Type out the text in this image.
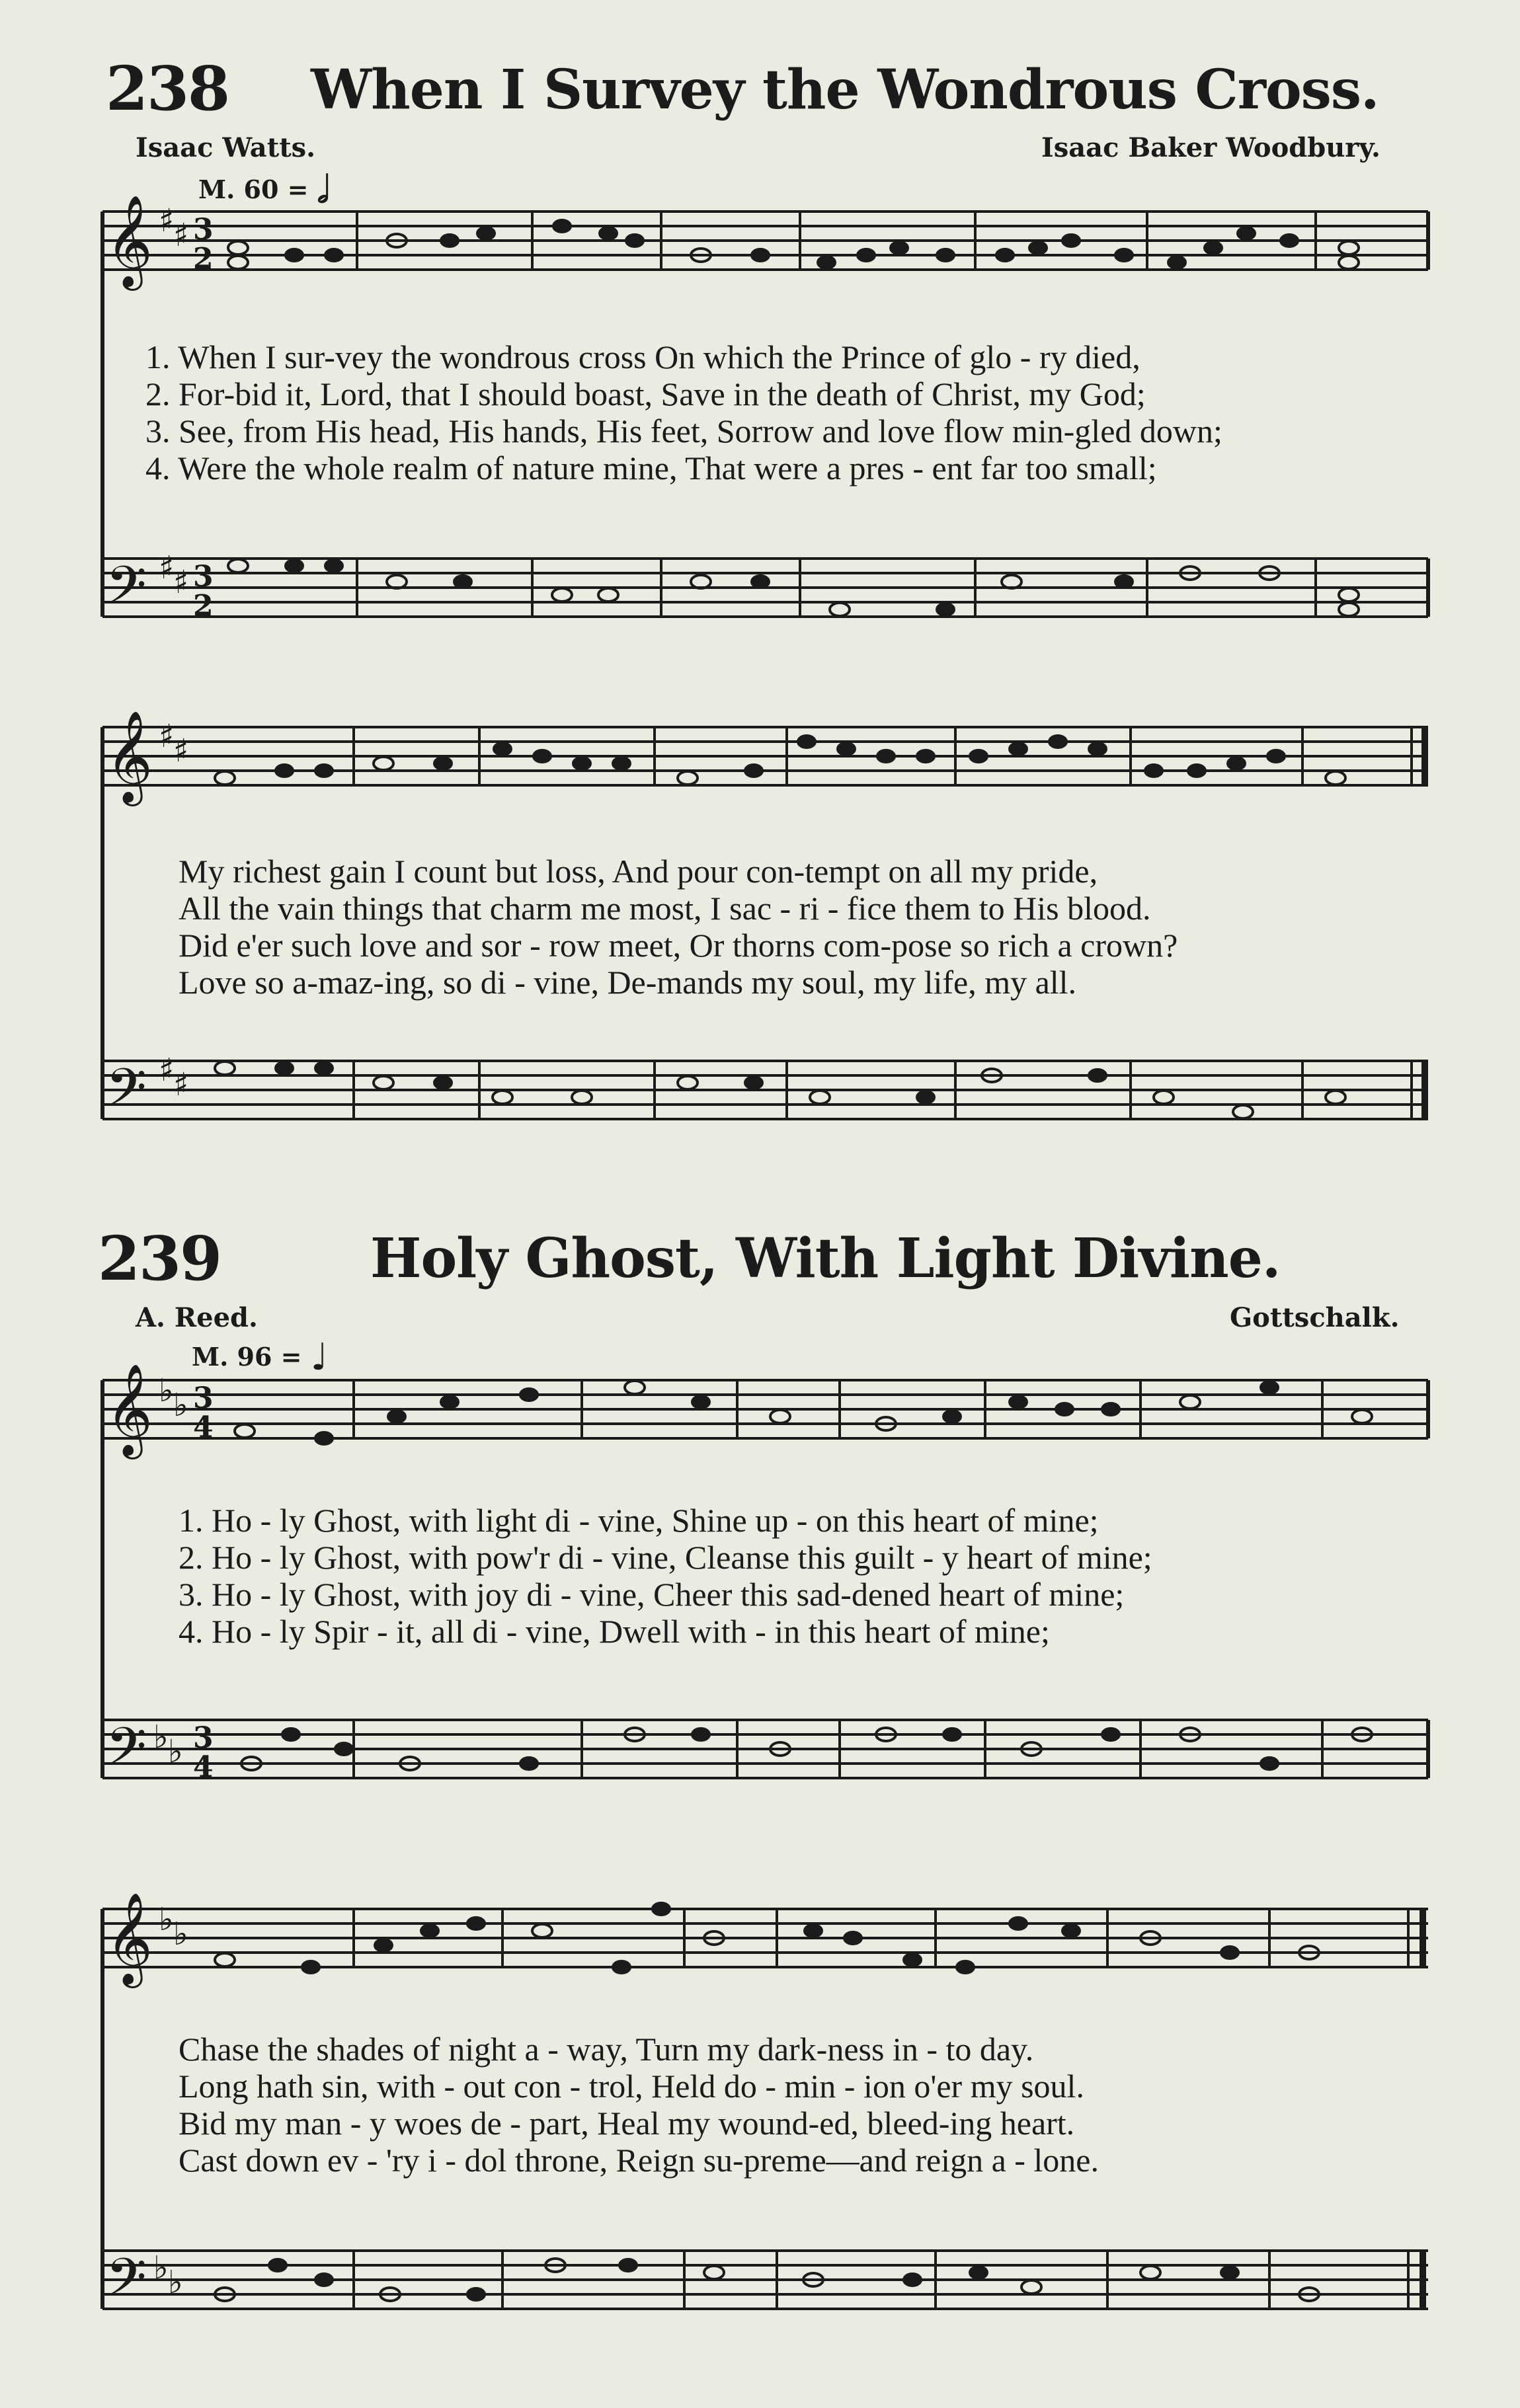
238 When I Survey the Wondrous Cross.
Isaac Watts.	Isaac Baker Woodbury.
M. 60 = 𝅗𝅥
𝄞 ♯
♯
𝄢 ♯
♯
3
2
3
2
1. When I sur-vey the wondrous cross On which the Prince of glo - ry died,
2. For-bid it, Lord, that I should boast, Save in the death of Christ, my God;
3. See, from His head, His hands, His feet, Sorrow and love flow min-gled down;
4. Were the whole realm of nature mine, That were a pres - ent far too small;
𝄞 ♯
♯
𝄢 ♯
♯
My richest gain I count but loss, And pour con-tempt on all my pride,
All the vain things that charm me most, I sac - ri - fice them to His blood.
Did e'er such love and sor - row meet, Or thorns com-pose so rich a crown?
Love so a-maz-ing, so di - vine, De-mands my soul, my life, my all.
239	Holy Ghost, With Light Divine.
A. Reed.	Gottschalk.
M. 96 = ♩
𝄞 ♭ ♭
𝄢 ♭ ♭
3
4
3
4
1. Ho - ly Ghost, with light di - vine, Shine up - on this heart of mine;
2. Ho - ly Ghost, with pow'r di - vine, Cleanse this guilt - y heart of mine;
3. Ho - ly Ghost, with joy di - vine, Cheer this sad-dened heart of mine;
4. Ho - ly Spir - it, all di - vine, Dwell with - in this heart of mine;
𝄞 ♭ ♭
𝄢 ♭ ♭
Chase the shades of night a - way, Turn my dark-ness in - to day.
Long hath sin, with - out con - trol, Held do - min - ion o'er my soul.
Bid my man - y woes de - part, Heal my wound-ed, bleed-ing heart.
Cast down ev - 'ry i - dol throne, Reign su-preme—and reign a - lone.
